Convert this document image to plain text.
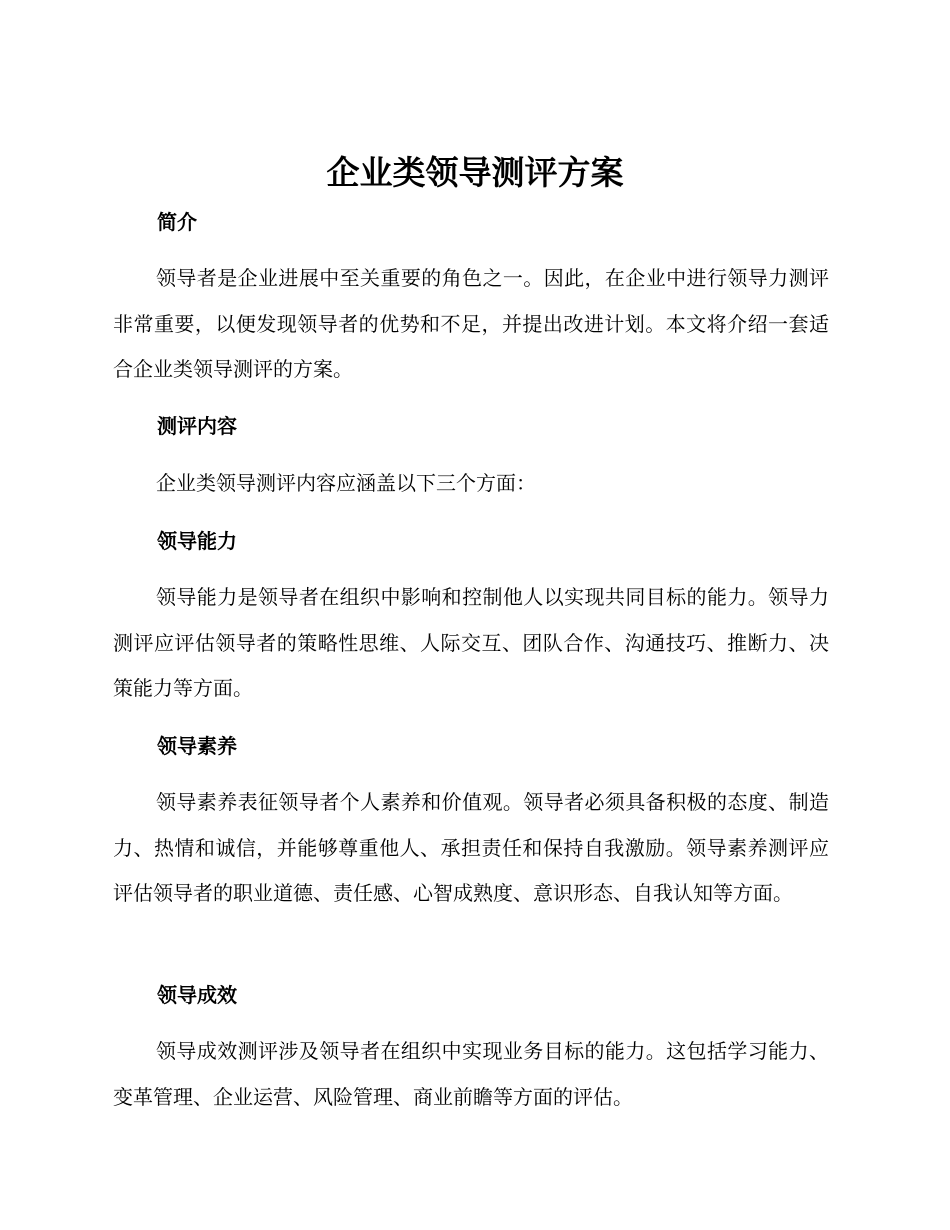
企业类领导测评方案
简介
领导者是企业进展中至关重要的角色之一。因此，在企业中进行领导力测评非常重要，以便发现领导者的优势和不足，并提出改进计划。本文将介绍一套适合企业类领导测评的方案。
测评内容
企业类领导测评内容应涵盖以下三个方面：
领导能力
领导能力是领导者在组织中影响和控制他人以实现共同目标的能力。领导力测评应评估领导者的策略性思维、人际交互、团队合作、沟通技巧、推断力、决策能力等方面。
领导素养
领导素养表征领导者个人素养和价值观。领导者必须具备积极的态度、制造力、热情和诚信，并能够尊重他人、承担责任和保持自我激励。领导素养测评应评估领导者的职业道德、责任感、心智成熟度、意识形态、自我认知等方面。
领导成效
领导成效测评涉及领导者在组织中实现业务目标的能力。这包括学习能力、变革管理、企业运营、风险管理、商业前瞻等方面的评估。
